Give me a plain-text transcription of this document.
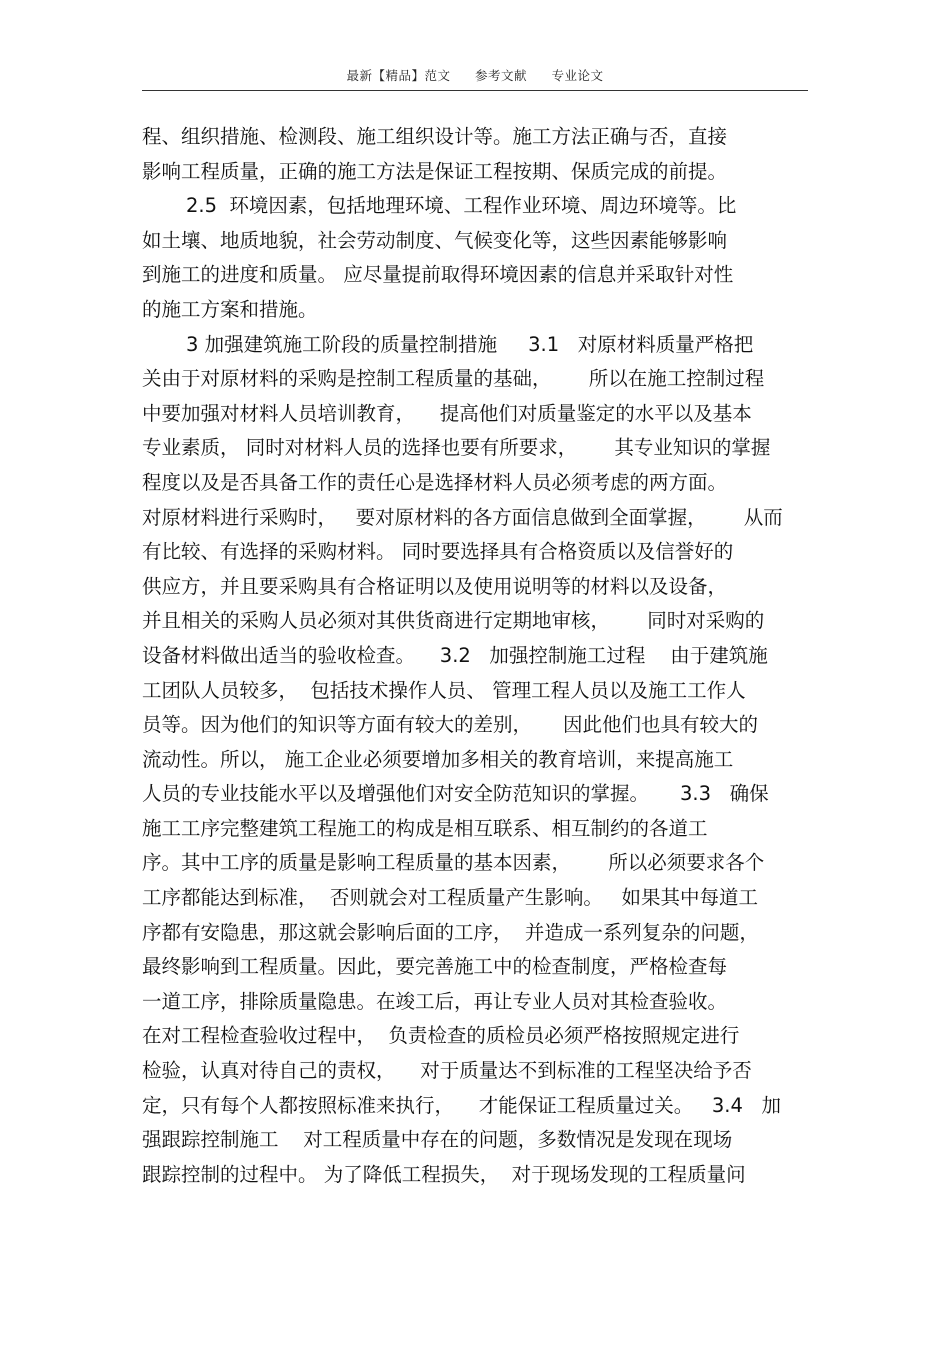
最新【精品】范文 参考文献 专业论文
程、组织措施、检测段、施工组织设计等。施工方法正确与否，直接
影响工程质量，正确的施工方法是保证工程按期、保质完成的前提。
2.5  环境因素，包括地理环境、工程作业环境、周边环境等。比
如土壤、地质地貌，社会劳动制度、气候变化等，这些因素能够影响
到施工的进度和质量。 应尽量提前取得环境因素的信息并采取针对性
的施工方案和措施。
3 加强建筑施工阶段的质量控制措施     3.1   对原材料质量严格把
关由于对原材料的采购是控制工程质量的基础，      所以在施工控制过程
中要加强对材料人员培训教育，    提高他们对质量鉴定的水平以及基本
专业素质， 同时对材料人员的选择也要有所要求，      其专业知识的掌握
程度以及是否具备工作的责任心是选择材料人员必须考虑的两方面。
对原材料进行采购时，   要对原材料的各方面信息做到全面掌握，      从而
有比较、有选择的采购材料。 同时要选择具有合格资质以及信誉好的
供应方，并且要采购具有合格证明以及使用说明等的材料以及设备，
并且相关的采购人员必须对其供货商进行定期地审核，      同时对采购的
设备材料做出适当的验收检查。    3.2   加强控制施工过程    由于建筑施
工团队人员较多，  包括技术操作人员、 管理工程人员以及施工工作人
员等。因为他们的知识等方面有较大的差别，     因此他们也具有较大的
流动性。所以， 施工企业必须要增加多相关的教育培训，来提高施工
人员的专业技能水平以及增强他们对安全防范知识的掌握。     3.3   确保
施工工序完整建筑工程施工的构成是相互联系、相互制约的各道工
序。其中工序的质量是影响工程质量的基本因素，      所以必须要求各个
工序都能达到标准，  否则就会对工程质量产生影响。   如果其中每道工
序都有安隐患，那这就会影响后面的工序，  并造成一系列复杂的问题，
最终影响到工程质量。因此，要完善施工中的检查制度，严格检查每
一道工序，排除质量隐患。在竣工后，再让专业人员对其检查验收。
在对工程检查验收过程中，  负责检查的质检员必须严格按照规定进行
检验，认真对待自己的责权，    对于质量达不到标准的工程坚决给予否
定，只有每个人都按照标准来执行，    才能保证工程质量过关。   3.4   加
强跟踪控制施工    对工程质量中存在的问题，多数情况是发现在现场
跟踪控制的过程中。 为了降低工程损失，  对于现场发现的工程质量问
